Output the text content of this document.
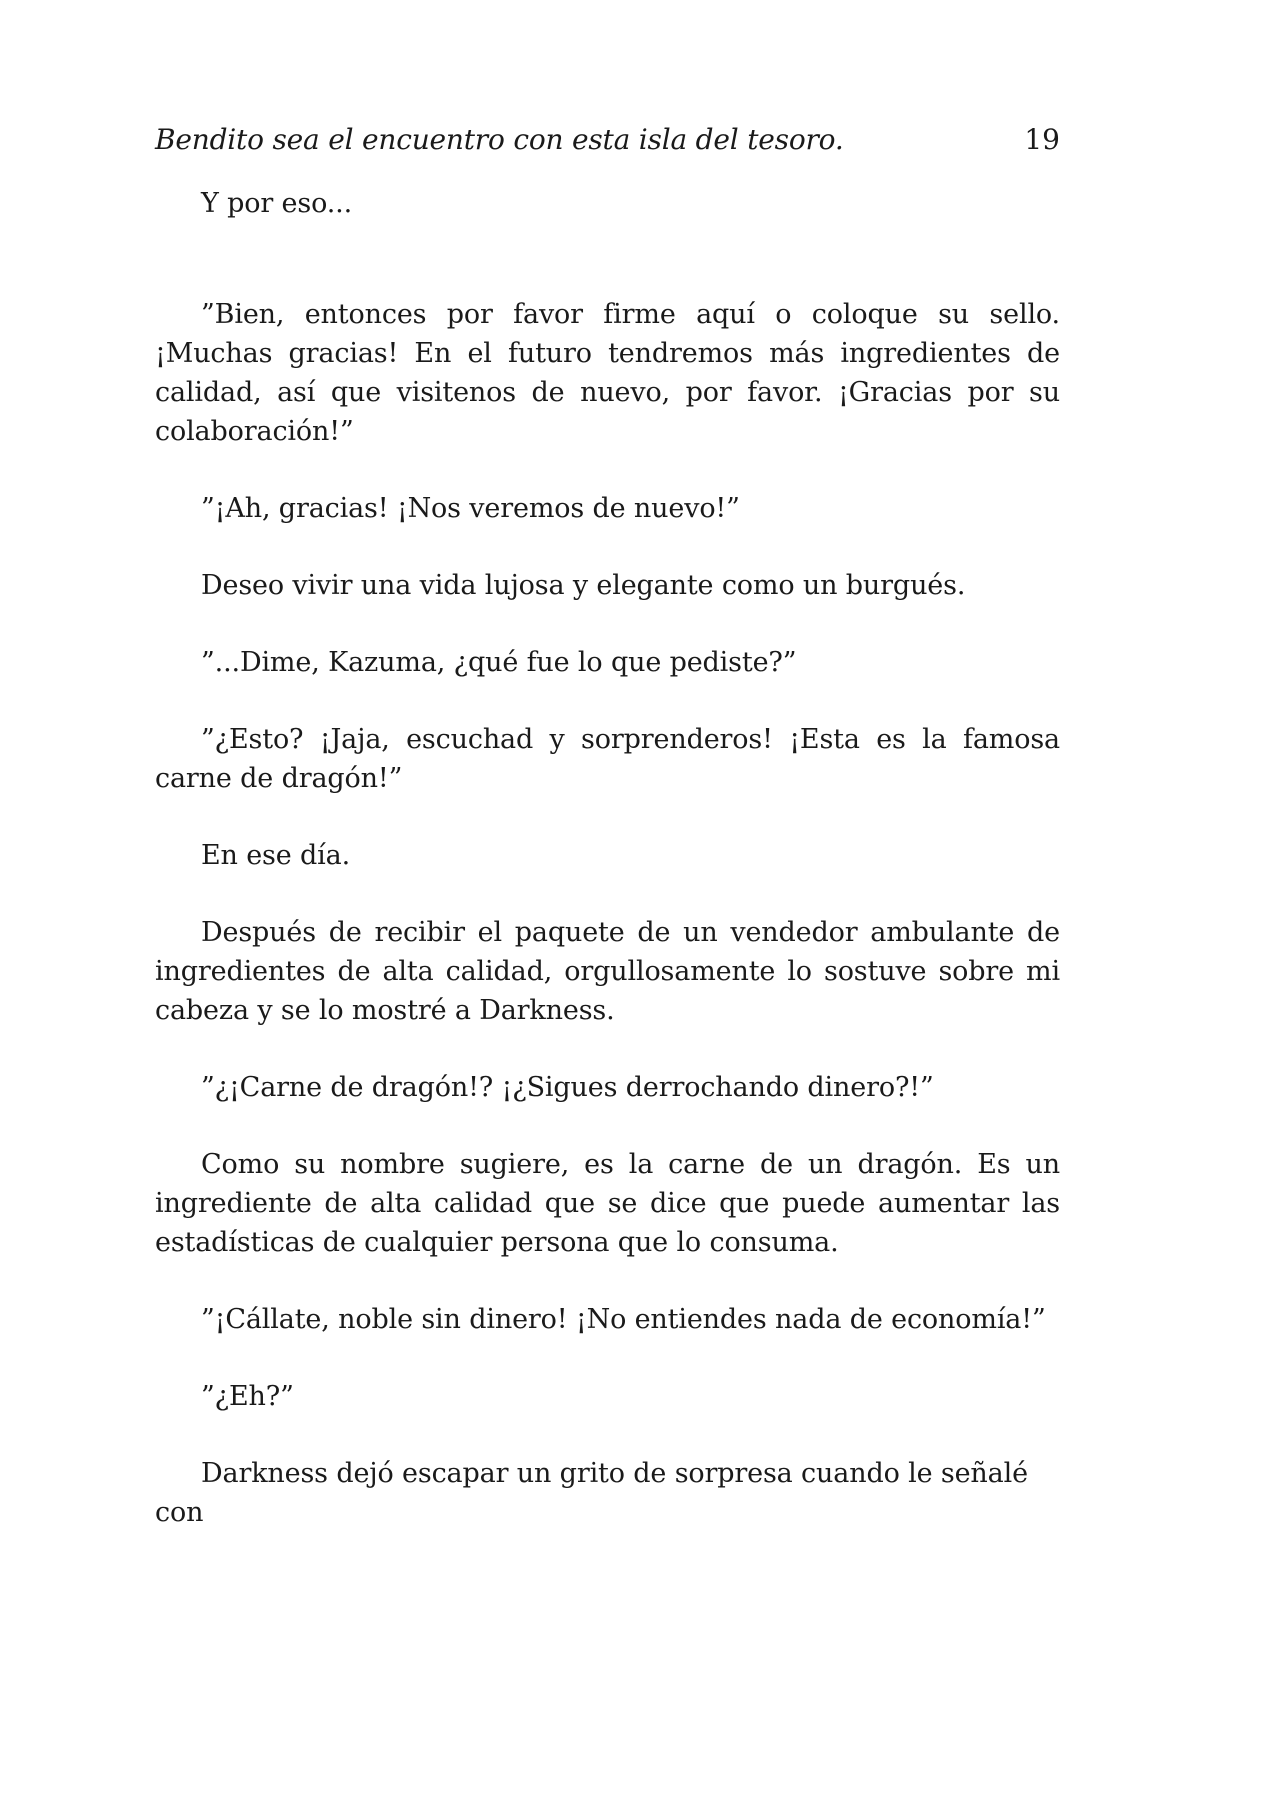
Bendito sea el encuentro con esta isla del tesoro.	19

Y por eso...

”Bien, entonces por favor firme aquí o coloque su sello. ¡Muchas gracias! En el futuro tendremos más ingredientes de calidad, así que visitenos de nuevo, por favor. ¡Gracias por su colaboración!”

”¡Ah, gracias! ¡Nos veremos de nuevo!”

Deseo vivir una vida lujosa y elegante como un burgués.

”...Dime, Kazuma, ¿qué fue lo que pediste?”

”¿Esto? ¡Jaja, escuchad y sorprenderos! ¡Esta es la famosa carne de dragón!”

En ese día.

Después de recibir el paquete de un vendedor ambulante de ingredientes de alta calidad, orgullosamente lo sostuve sobre mi cabeza y se lo mostré a Darkness.

”¿¡Carne de dragón!? ¡¿Sigues derrochando dinero?!”

Como su nombre sugiere, es la carne de un dragón. Es un ingrediente de alta calidad que se dice que puede aumentar las estadísticas de cualquier persona que lo consuma.

”¡Cállate, noble sin dinero! ¡No entiendes nada de economía!”

”¿Eh?”

Darkness dejó escapar un grito de sorpresa cuando le señalé con
